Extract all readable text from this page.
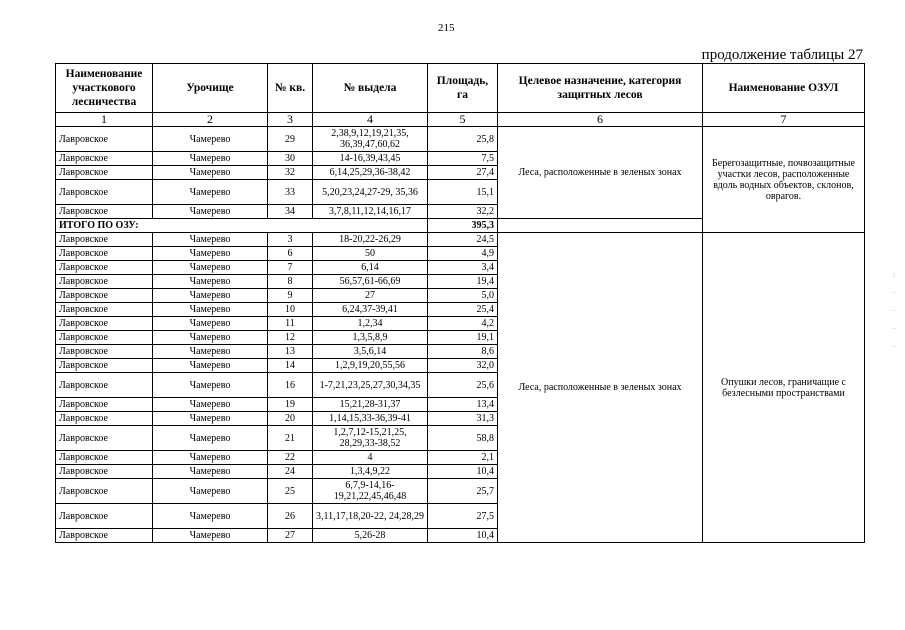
215
продолжение таблицы 27
Наименование участкового лесничества	Урочище	№ кв.	№ выдела	Площадь, га	Целевое назначение, категория защитных лесов	Наименование ОЗУЛ
1	2	3	4	5	6	7
Лавровское	Чамерево	29	2,38,9,12,19,21,35, 36,39,47,60,62	25,8	Леса, расположенные в зеленых зонах	Берегозащитные, почвозащитные участки лесов, расположенные вдоль водных объектов, склонов, оврагов.
Лавровское	Чамерево	30	14-16,39,43,45	7,5		
Лавровское	Чамерево	32	6,14,25,29,36-38,42	27,4		
Лавровское	Чамерево	33	5,20,23,24,27-29, 35,36	15,1		
Лавровское	Чамерево	34	3,7,8,11,12,14,16,17	32,2		
ИТОГО ПО ОЗУ:				395,3		
Лавровское	Чамерево	3	18-20,22-26,29	24,5	Леса, расположенные в зеленых зонах	Опушки лесов, граничащие с безлесными пространствами
Лавровское	Чамерево	6	50	4,9		
Лавровское	Чамерево	7	6,14	3,4		
Лавровское	Чамерево	8	56,57,61-66,69	19,4		
Лавровское	Чамерево	9	27	5,0		
Лавровское	Чамерево	10	6,24,37-39,41	25,4		
Лавровское	Чамерево	11	1,2,34	4,2		
Лавровское	Чамерево	12	1,3,5,8,9	19,1		
Лавровское	Чамерево	13	3,5,6,14	8,6		
Лавровское	Чамерево	14	1,2,9,19,20,55,56	32,0		
Лавровское	Чамерево	16	1-7,21,23,25,27,30,34,35	25,6		
Лавровское	Чамерево	19	15,21,28-31,37	13,4		
Лавровское	Чамерево	20	1,14,15,33-36,39-41	31,3		
Лавровское	Чамерево	21	1,2,7,12-15,21,25, 28,29,33-38,52	58,8		
Лавровское	Чамерево	22	4	2,1		
Лавровское	Чамерево	24	1,3,4,9,22	10,4		
Лавровское	Чамерево	25	6,7,9-14,16- 19,21,22,45,46,48	25,7		
Лавровское	Чамерево	26	3,11,17,18,20-22, 24,28,29	27,5		
Лавровское	Чамерево	27	5,26-28	10,4		
:
·
·
·
·
